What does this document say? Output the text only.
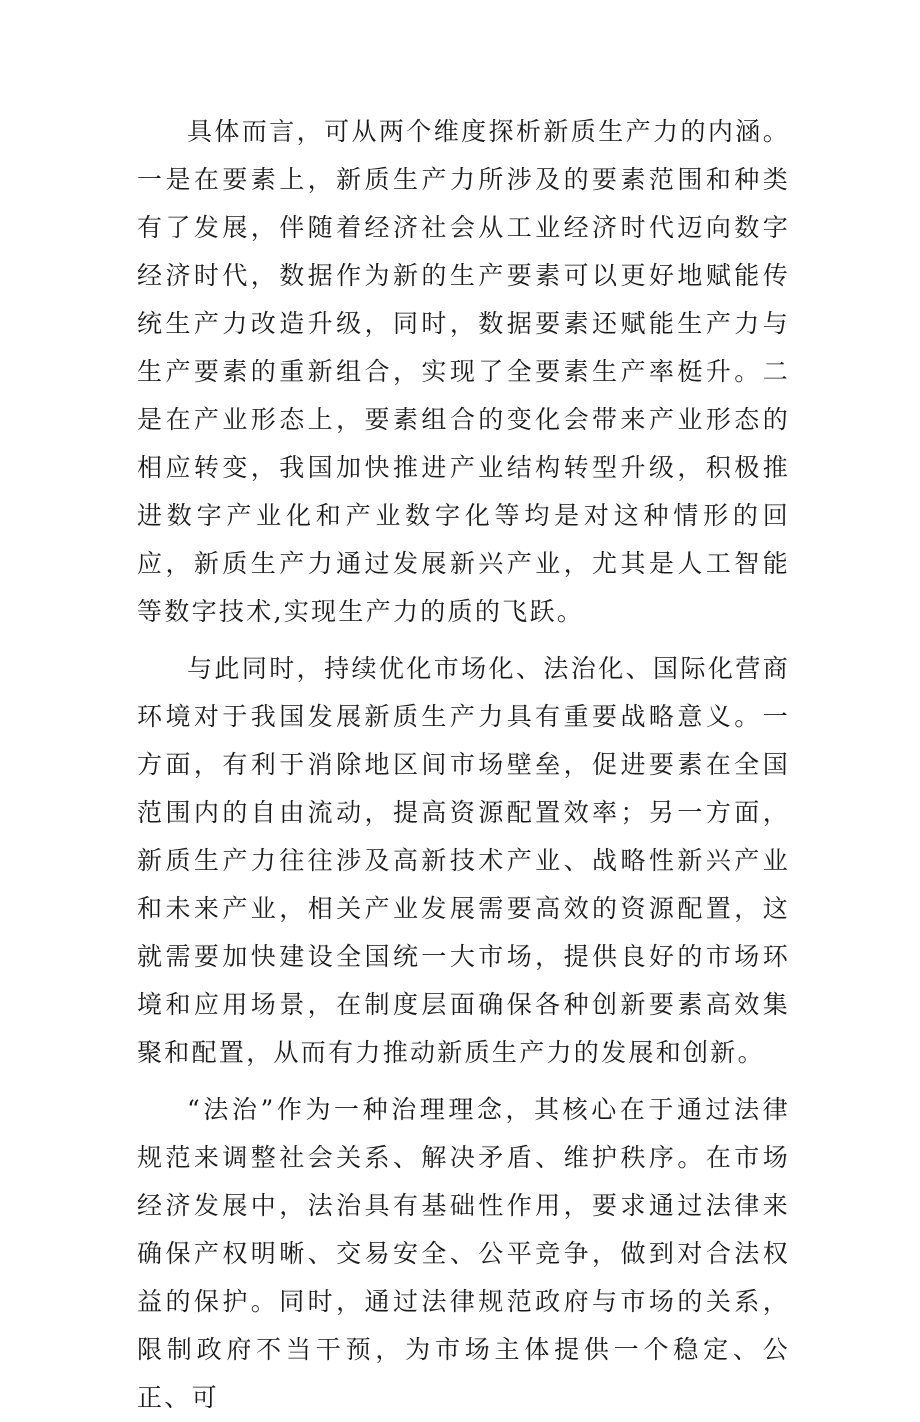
具体而言，可从两个维度探析新质生产力的内涵。一是在要素上，新质生产力所涉及的要素范围和种类有了发展，伴随着经济社会从工业经济时代迈向数字经济时代，数据作为新的生产要素可以更好地赋能传统生产力改造升级，同时，数据要素还赋能生产力与生产要素的重新组合，实现了全要素生产率梃升。二是在产业形态上，要素组合的变化会带来产业形态的相应转变，我国加快推进产业结构转型升级，积极推进数字产业化和产业数字化等均是对这种情形的回应，新质生产力通过发展新兴产业，尤其是人工智能等数字技术,实现生产力的质的飞跃。

与此同时，持续优化市场化、法治化、国际化营商环境对于我国发展新质生产力具有重要战略意义。一方面，有利于消除地区间市场壁垒，促进要素在全国范围内的自由流动，提高资源配置效率；另一方面，新质生产力往往涉及高新技术产业、战略性新兴产业和未来产业，相关产业发展需要高效的资源配置，这就需要加快建设全国统一大市场，提供良好的市场环境和应用场景，在制度层面确保各种创新要素高效集聚和配置，从而有力推动新质生产力的发展和创新。

“法治”作为一种治理理念，其核心在于通过法律规范来调整社会关系、解决矛盾、维护秩序。在市场经济发展中，法治具有基础性作用，要求通过法律来确保产权明晰、交易安全、公平竞争，做到对合法权益的保护。同时，通过法律规范政府与市场的关系，限制政府不当干预，为市场主体提供一个稳定、公正、可
